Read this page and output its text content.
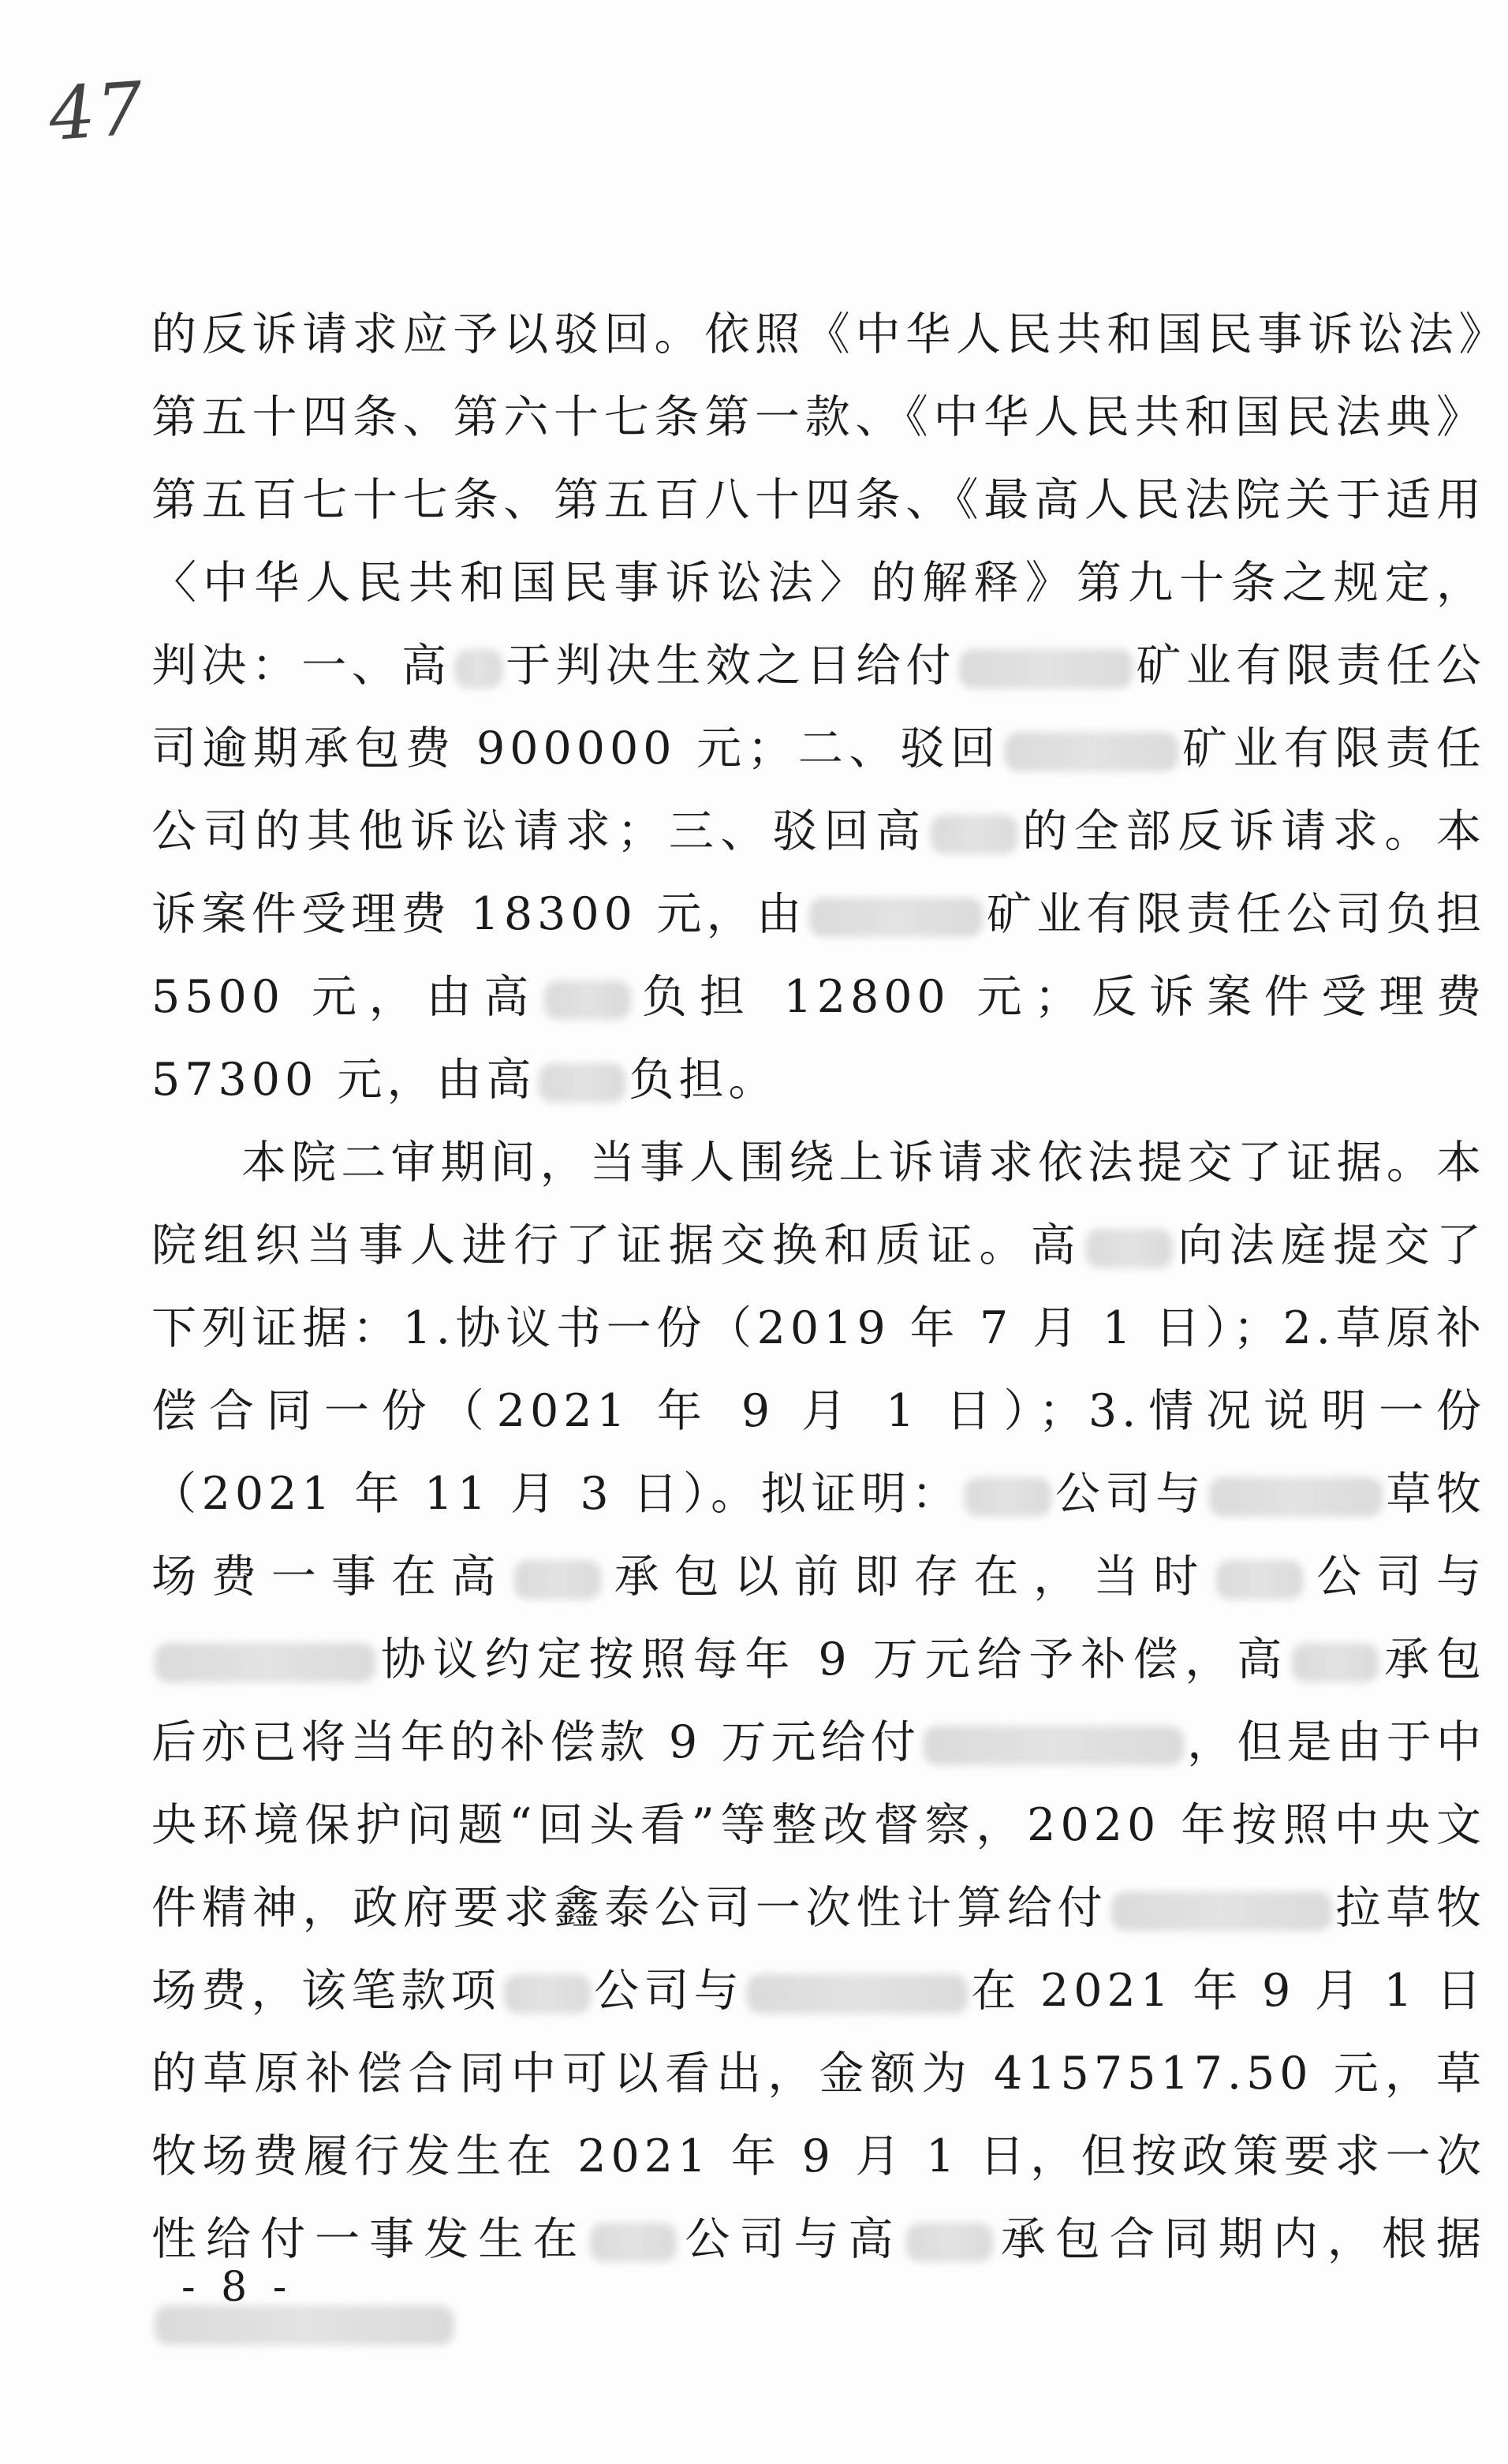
47

的反诉请求应予以驳回。依照《中华人民共和国民事诉讼法》第五十四条、第六十七条第一款、《中华人民共和国民法典》第五百七十七条、第五百八十四条、《最高人民法院关于适用〈中华人民共和国民事诉讼法〉的解释》第九十条之规定，判决：一、高 于判决生效之日给付	矿业有限责任公司逾期承包费 900000 元；二、驳回	矿业有限责任公司的其他诉讼请求；三、驳回高 的全部反诉请求。本诉案件受理费 18300 元，由	矿业有限责任公司负担 5500 元，由高 负担 12800 元；反诉案件受理费 57300 元，由高 负担。

本院二审期间，当事人围绕上诉请求依法提交了证据。本院组织当事人进行了证据交换和质证。高 向法庭提交了下列证据：1.协议书一份（2019 年 7 月 1 日）；2.草原补偿合同一份（2021 年 9 月 1 日）；3.情况说明一份（2021 年 11 月 3 日）。拟证明： 公司与	草牧场费一事在高 承包以前即存在，当时 公司与协议约定按照每年 9 万元给予补偿，高 承包后亦已将当年的补偿款 9 万元给付	，但是由于中央环境保护问题“回头看”等整改督察，2020 年按照中央文件精神，政府要求鑫泰公司一次性计算给付	拉草牧场费，该笔款项 公司与	在 2021 年 9 月 1 日的草原补偿合同中可以看出，金额为 4157517.50 元，草牧场费履行发生在 2021 年 9 月 1 日，但按政策要求一次性给付一事发生在 公司与高 承包合同期内，根据

- 8 -
